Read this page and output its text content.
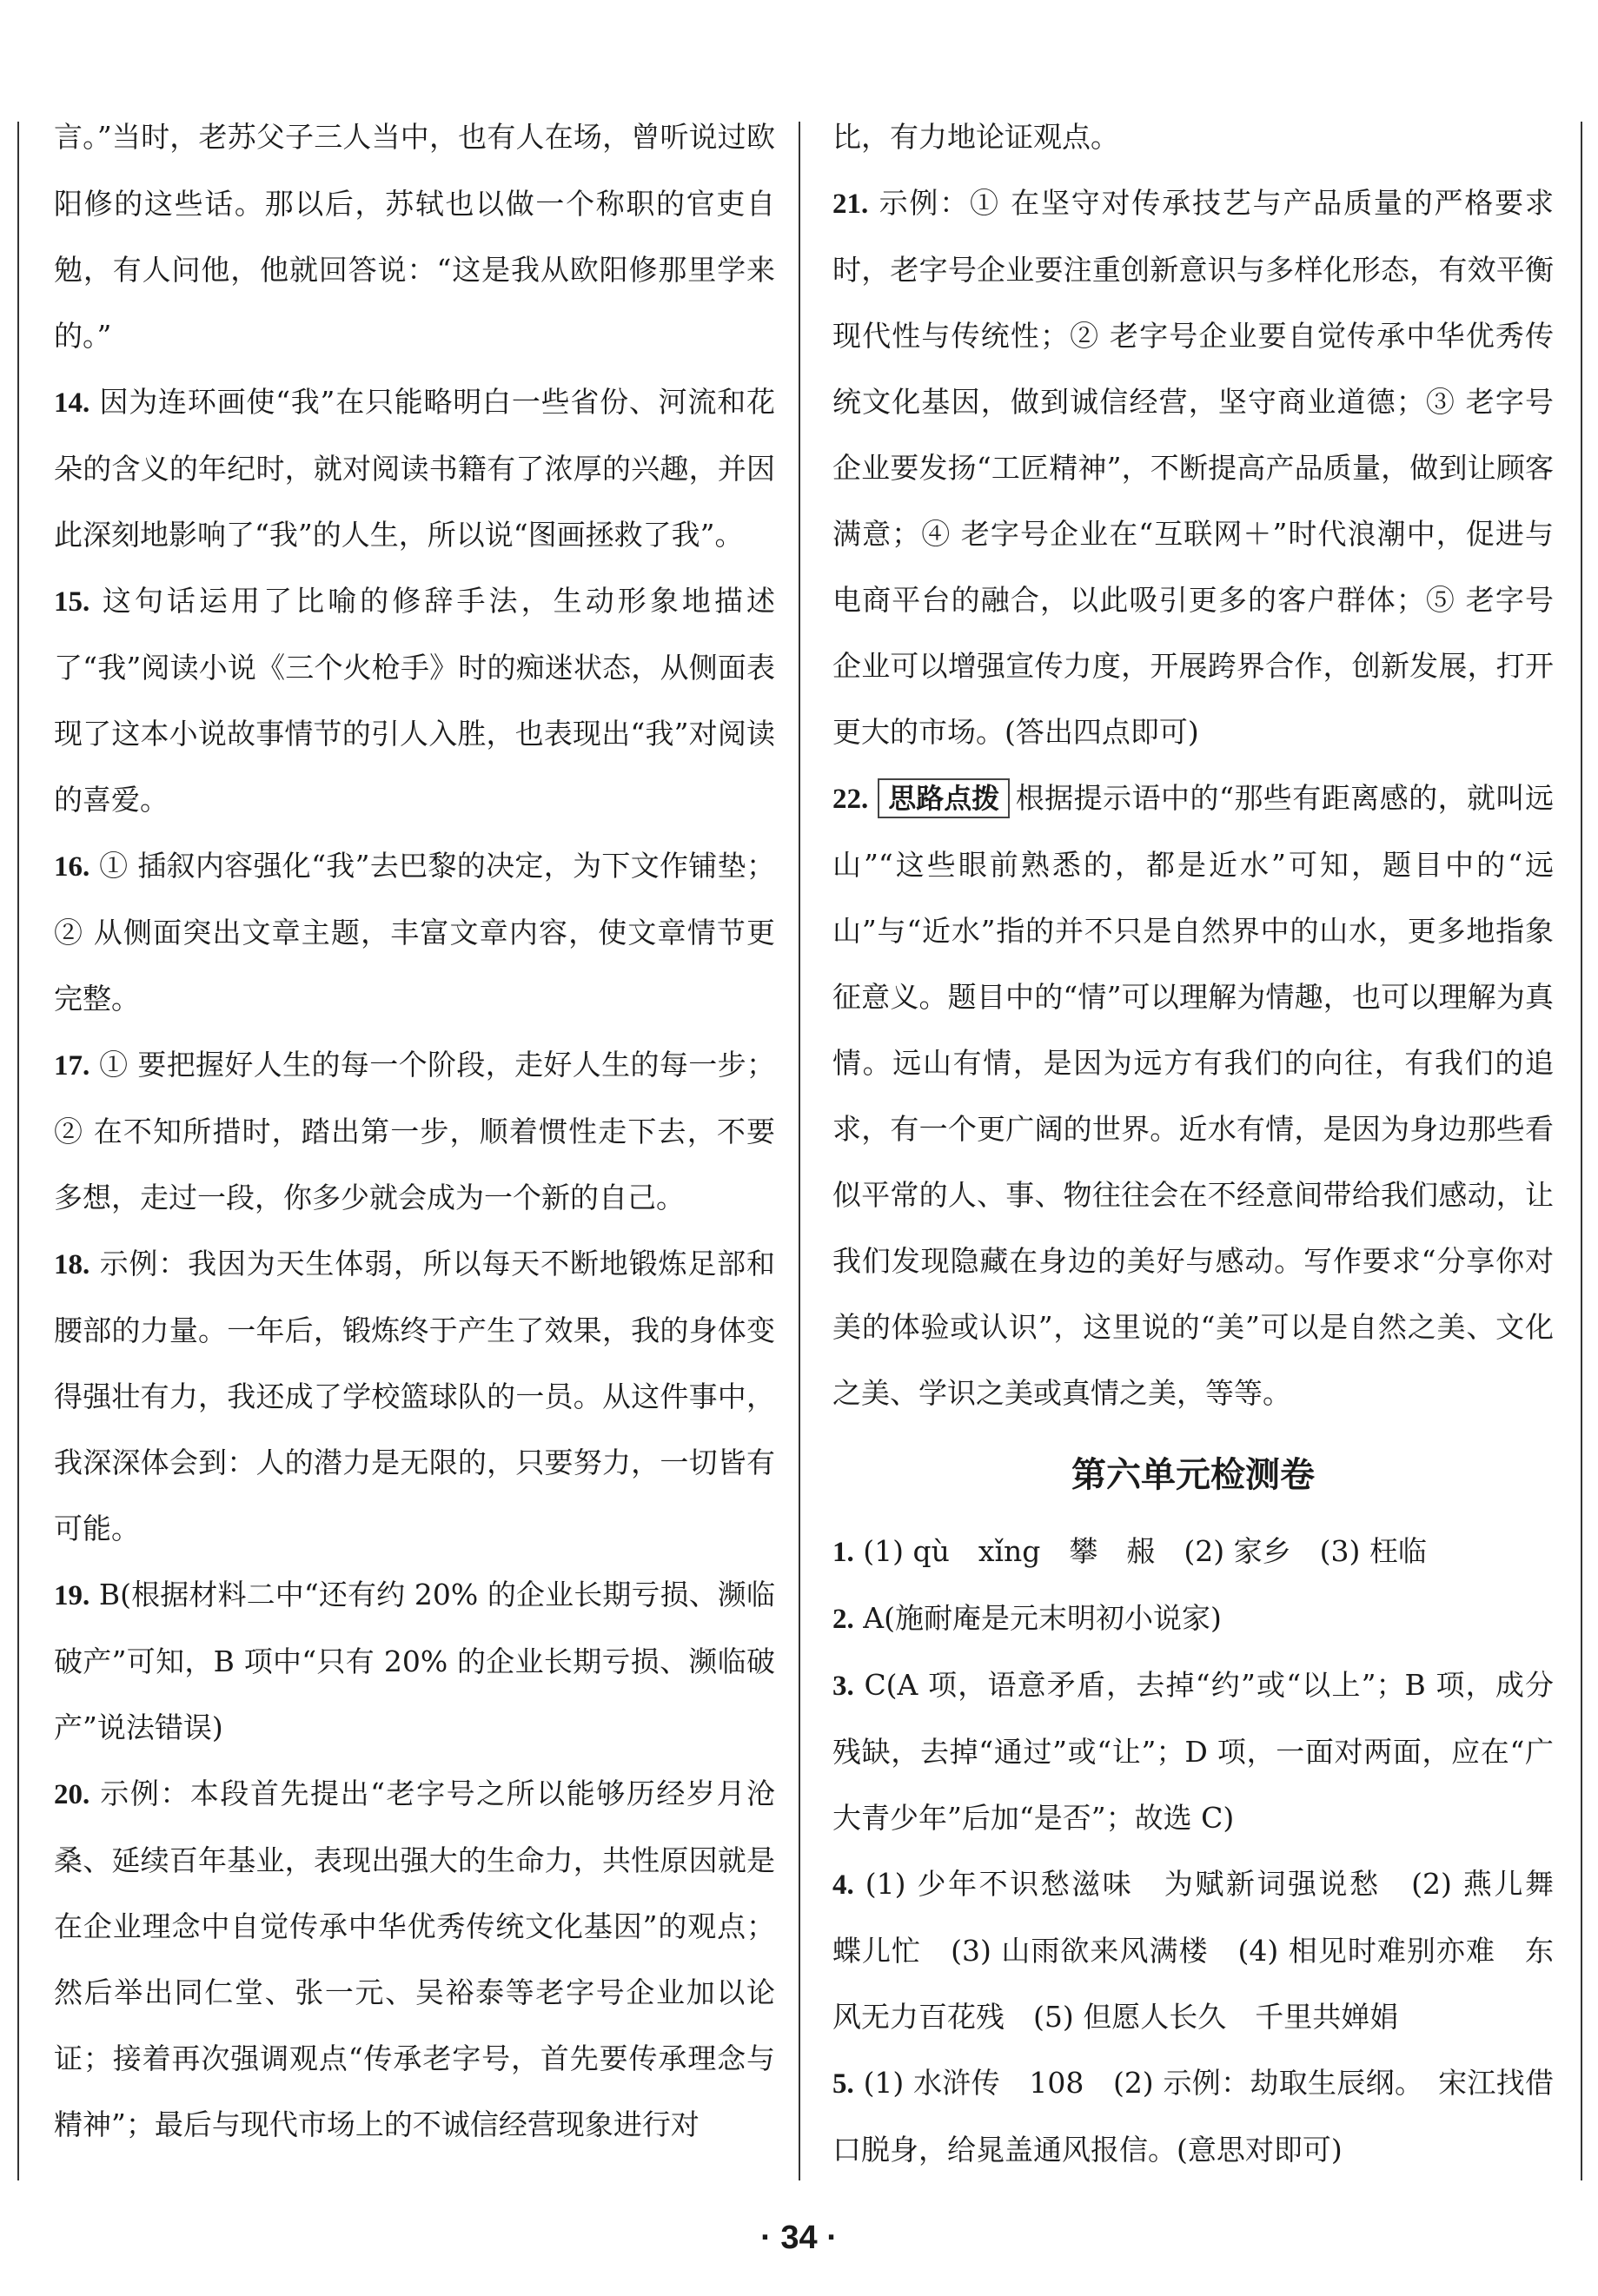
言。”当时，老苏父子三人当中，也有人在场，曾听说过欧阳修的这些话。那以后，苏轼也以做一个称职的官吏自勉，有人问他，他就回答说：“这是我从欧阳修那里学来的。”

14. 因为连环画使“我”在只能略明白一些省份、河流和花朵的含义的年纪时，就对阅读书籍有了浓厚的兴趣，并因此深刻地影响了“我”的人生，所以说“图画拯救了我”。

15. 这句话运用了比喻的修辞手法，生动形象地描述了“我”阅读小说《三个火枪手》时的痴迷状态，从侧面表现了这本小说故事情节的引人入胜，也表现出“我”对阅读的喜爱。

16. ① 插叙内容强化“我”去巴黎的决定，为下文作铺垫；② 从侧面突出文章主题，丰富文章内容，使文章情节更完整。

17. ① 要把握好人生的每一个阶段，走好人生的每一步；② 在不知所措时，踏出第一步，顺着惯性走下去，不要多想，走过一段，你多少就会成为一个新的自己。

18. 示例：我因为天生体弱，所以每天不断地锻炼足部和腰部的力量。一年后，锻炼终于产生了效果，我的身体变得强壮有力，我还成了学校篮球队的一员。从这件事中，我深深体会到：人的潜力是无限的，只要努力，一切皆有可能。

19. B(根据材料二中“还有约 20% 的企业长期亏损、濒临破产”可知，B 项中“只有 20% 的企业长期亏损、濒临破产”说法错误)

20. 示例：本段首先提出“老字号之所以能够历经岁月沧桑、延续百年基业，表现出强大的生命力，共性原因就是在企业理念中自觉传承中华优秀传统文化基因”的观点；然后举出同仁堂、张一元、吴裕泰等老字号企业加以论证；接着再次强调观点“传承老字号，首先要传承理念与精神”；最后与现代市场上的不诚信经营现象进行对

比，有力地论证观点。

21. 示例：① 在坚守对传承技艺与产品质量的严格要求时，老字号企业要注重创新意识与多样化形态，有效平衡现代性与传统性；② 老字号企业要自觉传承中华优秀传统文化基因，做到诚信经营，坚守商业道德；③ 老字号企业要发扬“工匠精神”，不断提高产品质量，做到让顾客满意；④ 老字号企业在“互联网＋”时代浪潮中，促进与电商平台的融合，以此吸引更多的客户群体；⑤ 老字号企业可以增强宣传力度，开展跨界合作，创新发展，打开更大的市场。(答出四点即可)

22. 思路点拨 根据提示语中的“那些有距离感的，就叫远山”“这些眼前熟悉的，都是近水”可知，题目中的“远山”与“近水”指的并不只是自然界中的山水，更多地指象征意义。题目中的“情”可以理解为情趣，也可以理解为真情。远山有情，是因为远方有我们的向往，有我们的追求，有一个更广阔的世界。近水有情，是因为身边那些看似平常的人、事、物往往会在不经意间带给我们感动，让我们发现隐藏在身边的美好与感动。写作要求“分享你对美的体验或认识”，这里说的“美”可以是自然之美、文化之美、学识之美或真情之美，等等。

第六单元检测卷

1. (1) qù　xǐng　攀　赧　(2) 家乡　(3) 枉临

2. A(施耐庵是元末明初小说家)

3. C(A 项，语意矛盾，去掉“约”或“以上”；B 项，成分残缺，去掉“通过”或“让”；D 项，一面对两面，应在“广大青少年”后加“是否”；故选 C)

4. (1) 少年不识愁滋味　为赋新词强说愁　(2) 燕儿舞　蝶儿忙　(3) 山雨欲来风满楼　(4) 相见时难别亦难　东风无力百花残　(5) 但愿人长久　千里共婵娟

5. (1) 水浒传　108　(2) 示例：劫取生辰纲。　宋江找借口脱身，给晁盖通风报信。(意思对即可)

· 34 ·
